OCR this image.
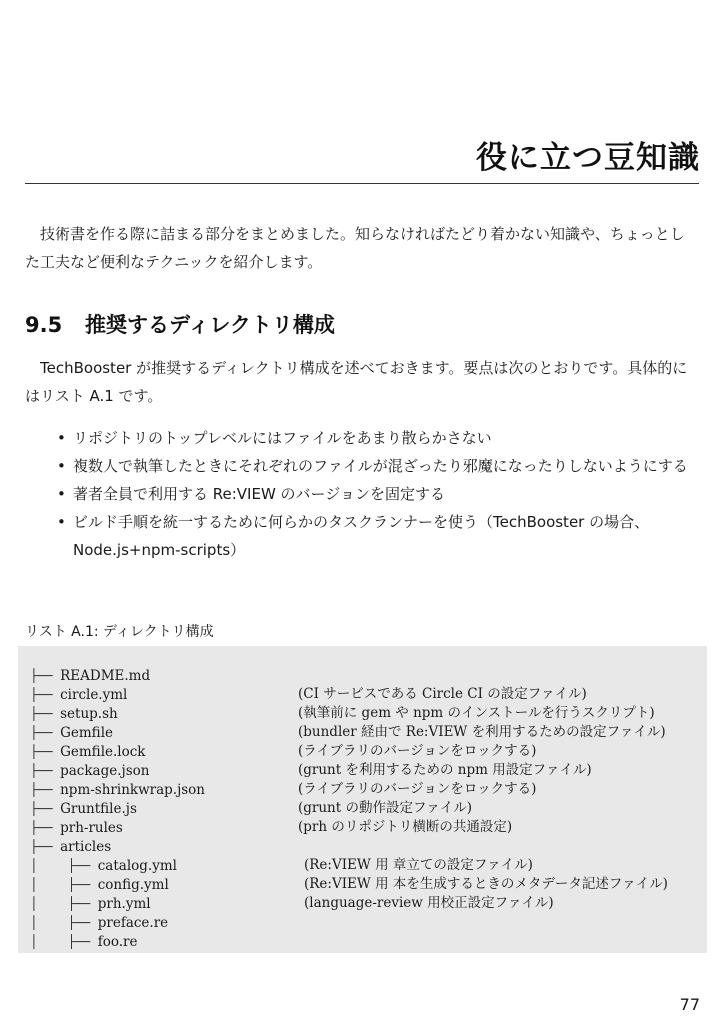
役に立つ豆知識

技術書を作る際に詰まる部分をまとめました。知らなければたどり着かない知識や、ちょっとした工夫など便利なテクニックを紹介します。

9.5 推奨するディレクトリ構成

TechBooster が推奨するディレクトリ構成を述べておきます。要点は次のとおりです。具体的にはリスト A.1 です。

• リポジトリのトップレベルにはファイルをあまり散らかさない
• 複数人で執筆したときにそれぞれのファイルが混ざったり邪魔になったりしないようにする
• 著者全員で利用する Re:VIEW のバージョンを固定する
• ビルド手順を統一するために何らかのタスクランナーを使う（TechBooster の場合、Node.js+npm-scripts）

リスト A.1: ディレクトリ構成

├── README.md
├── circle.yml	(CI サービスである Circle CI の設定ファイル)
├── setup.sh	(執筆前に gem や npm のインストールを行うスクリプト)
├── Gemfile	(bundler 経由で Re:VIEW を利用するための設定ファイル)
├── Gemfile.lock	(ライブラリのバージョンをロックする)
├── package.json	(grunt を利用するための npm 用設定ファイル)
├── npm-shrinkwrap.json	(ライブラリのバージョンをロックする)
├── Gruntfile.js	(grunt の動作設定ファイル)
├── prh-rules	(prh のリポジトリ横断の共通設定)
├── articles
│    ├── catalog.yml	(Re:VIEW 用 章立ての設定ファイル)
│    ├── config.yml	(Re:VIEW 用 本を生成するときのメタデータ記述ファイル)
│    ├── prh.yml	(language-review 用校正設定ファイル)
│    ├── preface.re
│    ├── foo.re

77
